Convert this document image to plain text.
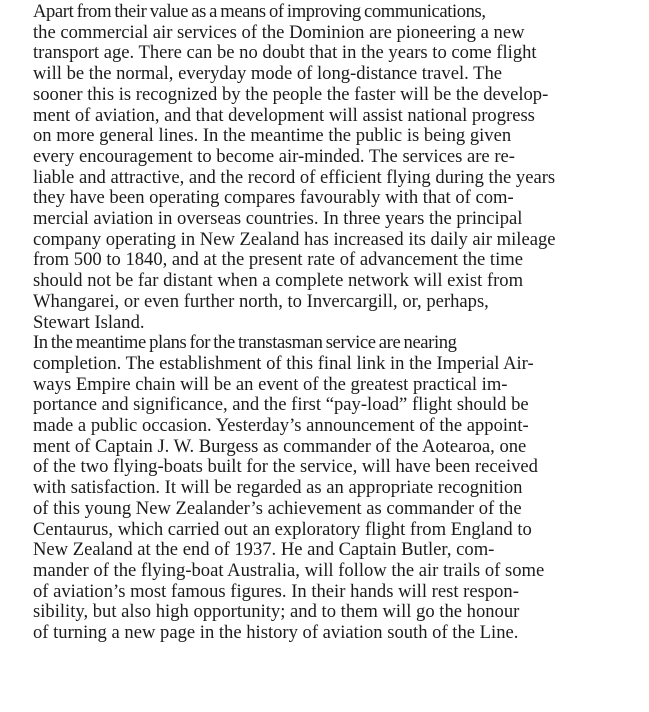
Apart from their value as a means of improving communications,
the commercial air services of the Dominion are pioneering a new
transport age. There can be no doubt that in the years to come flight
will be the normal, everyday mode of long-distance travel. The
sooner this is recognized by the people the faster will be the develop-
ment of aviation, and that development will assist national progress
on more general lines. In the meantime the public is being given
every encouragement to become air-minded. The services are re-
liable and attractive, and the record of efficient flying during the years
they have been operating compares favourably with that of com-
mercial aviation in overseas countries. In three years the principal
company operating in New Zealand has increased its daily air mileage
from 500 to 1840, and at the present rate of advancement the time
should not be far distant when a complete network will exist from
Whangarei, or even further north, to Invercargill, or, perhaps,
Stewart Island.
In the meantime plans for the transtasman service are nearing
completion. The establishment of this final link in the Imperial Air-
ways Empire chain will be an event of the greatest practical im-
portance and significance, and the first “pay-load” flight should be
made a public occasion. Yesterday’s announcement of the appoint-
ment of Captain J. W. Burgess as commander of the Aotearoa, one
of the two flying-boats built for the service, will have been received
with satisfaction. It will be regarded as an appropriate recognition
of this young New Zealander’s achievement as commander of the
Centaurus, which carried out an exploratory flight from England to
New Zealand at the end of 1937. He and Captain Butler, com-
mander of the flying-boat Australia, will follow the air trails of some
of aviation’s most famous figures. In their hands will rest respon-
sibility, but also high opportunity; and to them will go the honour
of turning a new page in the history of aviation south of the Line.
